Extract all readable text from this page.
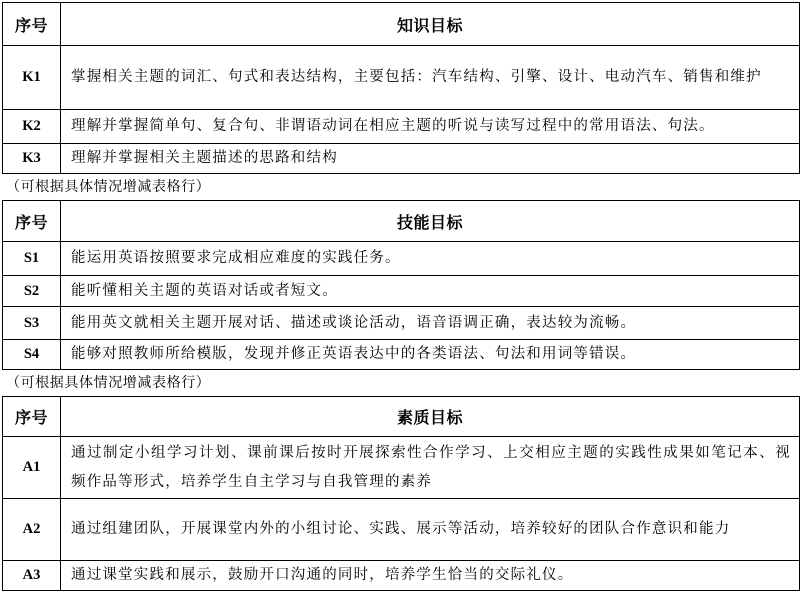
序号	知识目标
K1	掌握相关主题的词汇、句式和表达结构，主要包括：汽车结构、引擎、设计、电动汽车、销售和维护
K2	理解并掌握简单句、复合句、非谓语动词在相应主题的听说与读写过程中的常用语法、句法。
K3	理解并掌握相关主题描述的思路和结构
（可根据具体情况增减表格行）
序号	技能目标
S1	能运用英语按照要求完成相应难度的实践任务。
S2	能听懂相关主题的英语对话或者短文。
S3	能用英文就相关主题开展对话、描述或谈论活动，语音语调正确，表达较为流畅。
S4	能够对照教师所给模版，发现并修正英语表达中的各类语法、句法和用词等错误。
（可根据具体情况增减表格行）
序号	素质目标
A1	通过制定小组学习计划、课前课后按时开展探索性合作学习、上交相应主题的实践性成果如笔记本、视频作品等形式，培养学生自主学习与自我管理的素养
A2	通过组建团队，开展课堂内外的小组讨论、实践、展示等活动，培养较好的团队合作意识和能力
A3	通过课堂实践和展示，鼓励开口沟通的同时，培养学生恰当的交际礼仪。
